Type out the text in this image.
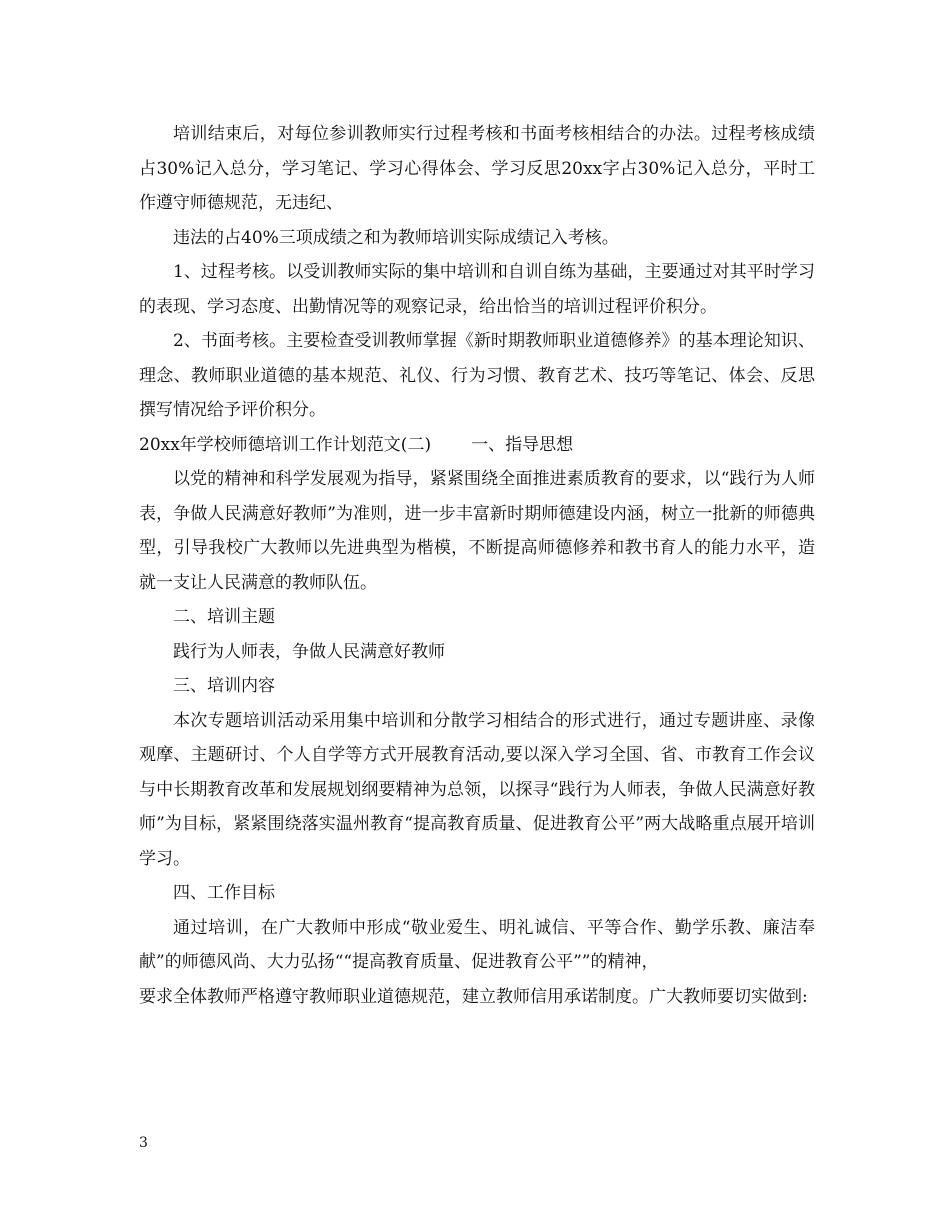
培训结束后，对每位参训教师实行过程考核和书面考核相结合的办法。过程考核成绩占30%记入总分，学习笔记、学习心得体会、学习反思20xx字占30%记入总分，平时工作遵守师德规范，无违纪、

违法的占40%三项成绩之和为教师培训实际成绩记入考核。

1、过程考核。以受训教师实际的集中培训和自训自练为基础，主要通过对其平时学习的表现、学习态度、出勤情况等的观察记录，给出恰当的培训过程评价积分。

2、书面考核。主要检查受训教师掌握《新时期教师职业道德修养》的基本理论知识、理念、教师职业道德的基本规范、礼仪、行为习惯、教育艺术、技巧等笔记、体会、反思撰写情况给予评价积分。

20xx年学校师德培训工作计划范文(二) 一、指导思想

以党的精神和科学发展观为指导，紧紧围绕全面推进素质教育的要求，以“践行为人师表，争做人民满意好教师”为准则，进一步丰富新时期师德建设内涵，树立一批新的师德典型，引导我校广大教师以先进典型为楷模，不断提高师德修养和教书育人的能力水平，造就一支让人民满意的教师队伍。

二、培训主题

践行为人师表，争做人民满意好教师

三、培训内容

本次专题培训活动采用集中培训和分散学习相结合的形式进行，通过专题讲座、录像观摩、主题研讨、个人自学等方式开展教育活动,要以深入学习全国、省、市教育工作会议与中长期教育改革和发展规划纲要精神为总领，以探寻“践行为人师表，争做人民满意好教师”为目标，紧紧围绕落实温州教育“提高教育质量、促进教育公平”两大战略重点展开培训学习。

四、工作目标

通过培训，在广大教师中形成“敬业爱生、明礼诚信、平等合作、勤学乐教、廉洁奉献”的师德风尚、大力弘扬““提高教育质量、促进教育公平””的精神，

要求全体教师严格遵守教师职业道德规范，建立教师信用承诺制度。广大教师要切实做到:

3
